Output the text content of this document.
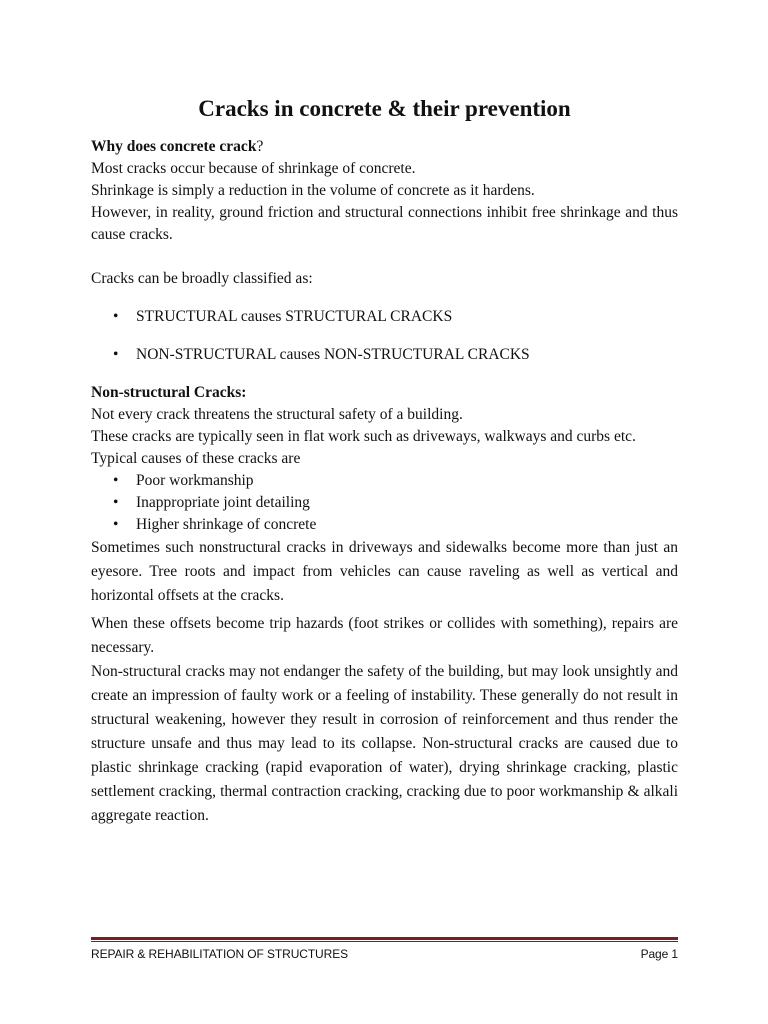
Cracks in concrete & their prevention

Why does concrete crack?

Most cracks occur because of shrinkage of concrete.

Shrinkage is simply a reduction in the volume of concrete as it hardens.

However, in reality, ground friction and structural connections inhibit free shrinkage and thus cause cracks.

Cracks can be broadly classified as:

• STRUCTURAL causes STRUCTURAL CRACKS
• NON-STRUCTURAL causes NON-STRUCTURAL CRACKS

Non-structural Cracks:

Not every crack threatens the structural safety of a building.

These cracks are typically seen in flat work such as driveways, walkways and curbs etc.

Typical causes of these cracks are

• Poor workmanship
• Inappropriate joint detailing
• Higher shrinkage of concrete

Sometimes such nonstructural cracks in driveways and sidewalks become more than just an eyesore. Tree roots and impact from vehicles can cause raveling as well as vertical and horizontal offsets at the cracks.

When these offsets become trip hazards (foot strikes or collides with something), repairs are necessary.

Non-structural cracks may not endanger the safety of the building, but may look unsightly and create an impression of faulty work or a feeling of instability. These generally do not result in structural weakening, however they result in corrosion of reinforcement and thus render the structure unsafe and thus may lead to its collapse. Non-structural cracks are caused due to plastic shrinkage cracking (rapid evaporation of water), drying shrinkage cracking, plastic settlement cracking, thermal contraction cracking, cracking due to poor workmanship & alkali aggregate reaction.

REPAIR & REHABILITATION OF STRUCTURES	Page 1
